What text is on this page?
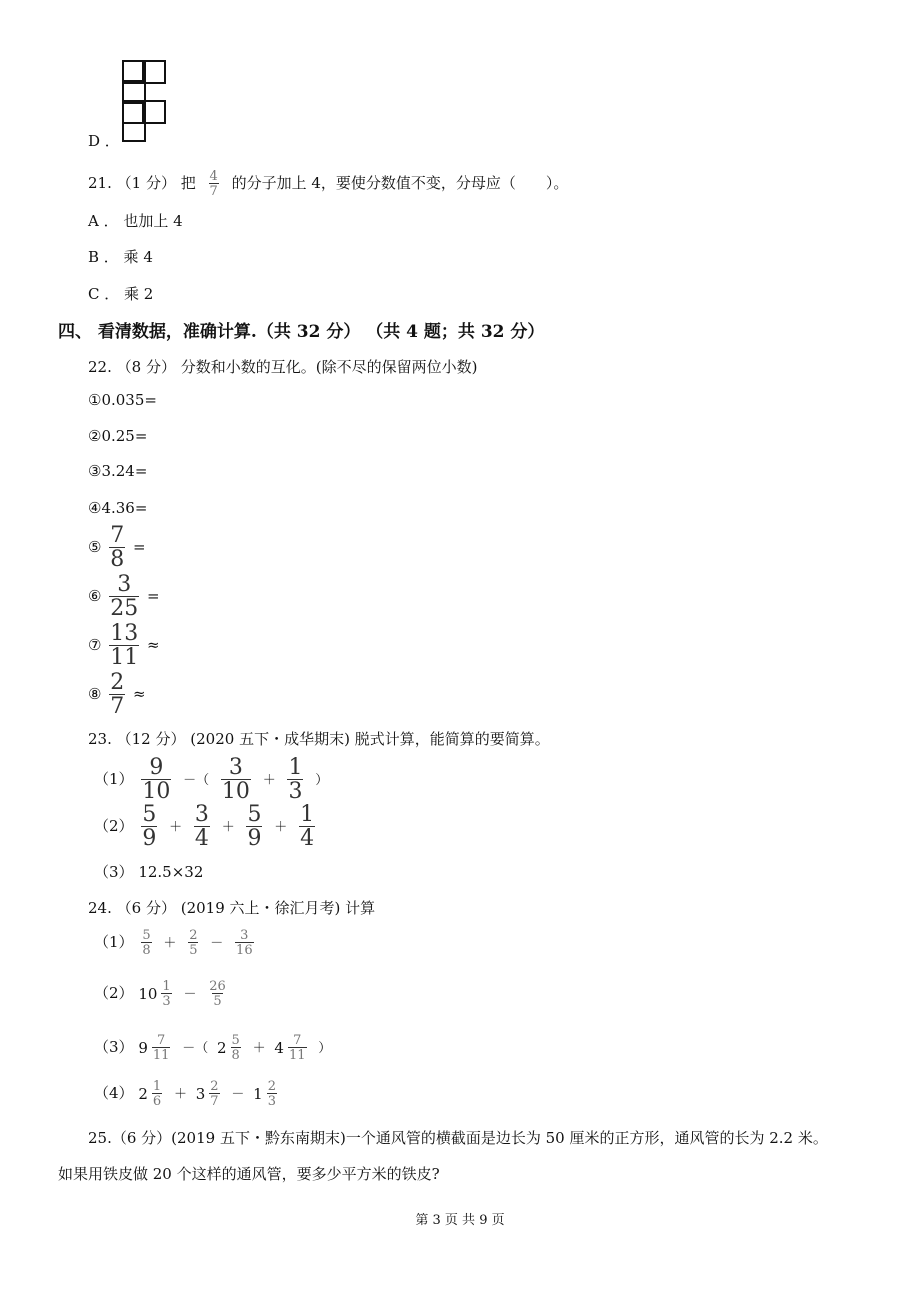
D ．
21. （1 分） 把 $\frac{4}{7}$ 的分子加上 4，要使分数值不变，分母应（　　）。
A ． 也加上 4
B ． 乘 4
C ． 乘 2
四、 看清数据，准确计算.（共 32 分） （共 4 题；共 32 分）
22. （8 分） 分数和小数的互化。(除不尽的保留两位小数)
①0.035=
②0.25=
③3.24=
④4.36=
⑤ $\frac{7}{8}$ =
⑥ $\frac{3}{25}$ =
⑦ $\frac{13}{11}$ ≈
⑧ $\frac{2}{7}$ ≈
23. （12 分） (2020 五下・成华期末) 脱式计算，能简算的要简算。
$(1) \frac{9}{10}$ －（ $\frac{3}{10} + \frac{1}{3}$ ）
$(2) \frac{5}{9} + \frac{3}{4} + \frac{5}{9} + \frac{1}{4}$
（3） 12.5×32
24. （6 分） (2019 六上・徐汇月考) 计算
$(1) \frac{5}{8} + \frac{2}{5} - \frac{3}{16}$
（2） $10 \frac{1}{3} - \frac{26}{5}$
（3） $9 \frac{7}{11}$ －（ $2 \frac{5}{8} + 4 \frac{7}{11}$ ）
（4） $2 \frac{1}{6} + 3 \frac{2}{7} - 1 \frac{2}{3}$
25.（6 分）(2019 五下・黔东南期末)一个通风管的横截面是边长为 50 厘米的正方形，通风管的长为 2.2 米。
如果用铁皮做 20 个这样的通风管，要多少平方米的铁皮?
第 3 页 共 9 页
